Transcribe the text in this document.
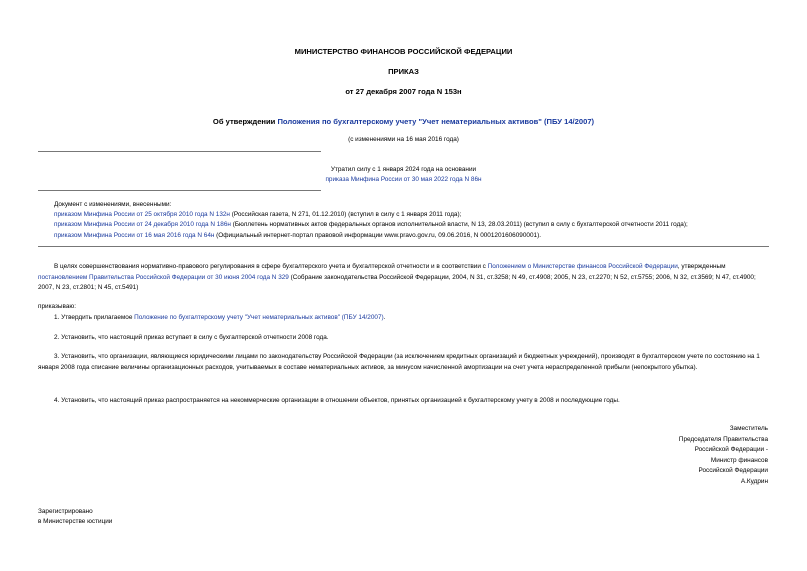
МИНИСТЕРСТВО ФИНАНСОВ РОССИЙСКОЙ ФЕДЕРАЦИИ
ПРИКАЗ
от 27 декабря 2007 года N 153н
Об утверждении Положения по бухгалтерскому учету "Учет нематериальных активов" (ПБУ 14/2007)
(с изменениями на 16 мая 2016 года)
Утратил силу с 1 января 2024 года на основании
приказа Минфина России от 30 мая 2022 года N 86н
Документ с изменениями, внесенными:
приказом Минфина России от 25 октября 2010 года N 132н (Российская газета, N 271, 01.12.2010) (вступил в силу с 1 января 2011 года);
приказом Минфина России от 24 декабря 2010 года N 186н (Бюллетень нормативных актов федеральных органов исполнительной власти, N 13, 28.03.2011) (вступил в силу с бухгалтерской отчетности 2011 года);
приказом Минфина России от 16 мая 2016 года N 64н (Официальный интернет-портал правовой информации www.pravo.gov.ru, 09.06.2016, N 0001201606090001).
В целях совершенствования нормативно-правового регулирования в сфере бухгалтерского учета и бухгалтерской отчетности и в соответствии с Положением о Министерстве финансов Российской Федерации, утвержденным постановлением Правительства Российской Федерации от 30 июня 2004 года N 329 (Собрание законодательства Российской Федерации, 2004, N 31, ст.3258; N 49, ст.4908; 2005, N 23, ст.2270; N 52, ст.5755; 2006, N 32, ст.3569; N 47, ст.4900; 2007, N 23, ст.2801; N 45, ст.5491)
приказываю:
1. Утвердить прилагаемое Положение по бухгалтерскому учету "Учет нематериальных активов" (ПБУ 14/2007).
2. Установить, что настоящий приказ вступает в силу с бухгалтерской отчетности 2008 года.
3. Установить, что организации, являющиеся юридическими лицами по законодательству Российской Федерации (за исключением кредитных организаций и бюджетных учреждений), производят в бухгалтерском учете по состоянию на 1 января 2008 года списание величины организационных расходов, учитываемых в составе нематериальных активов, за минусом начисленной амортизации на счет учета нераспределенной прибыли (непокрытого убытка).
4. Установить, что настоящий приказ распространяется на некоммерческие организации в отношении объектов, принятых организацией к бухгалтерскому учету в 2008 и последующие годы.
Заместитель
Председателя Правительства
Российской Федерации -
Министр финансов
Российской Федерации
А.Кудрин
Зарегистрировано
в Министерстве юстиции
